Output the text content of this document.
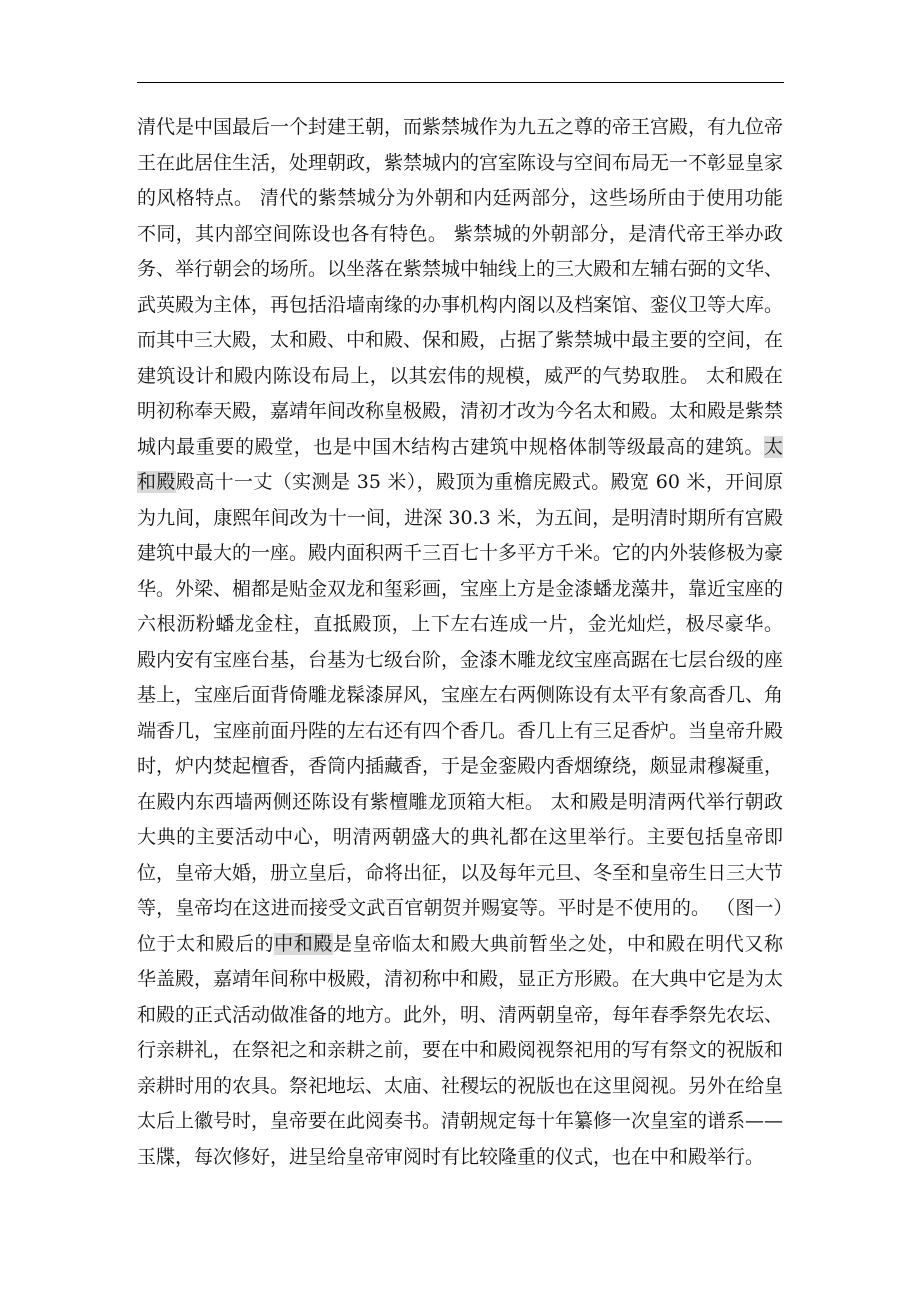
清代是中国最后一个封建王朝，而紫禁城作为九五之尊的帝王宫殿，有九位帝王在此居住生活，处理朝政，紫禁城内的宫室陈设与空间布局无一不彰显皇家的风格特点。 清代的紫禁城分为外朝和内廷两部分，这些场所由于使用功能不同，其内部空间陈设也各有特色。 紫禁城的外朝部分，是清代帝王举办政务、举行朝会的场所。以坐落在紫禁城中轴线上的三大殿和左辅右弼的文华、武英殿为主体，再包括沿墙南缘的办事机构内阁以及档案馆、銮仪卫等大库。而其中三大殿，太和殿、中和殿、保和殿，占据了紫禁城中最主要的空间，在建筑设计和殿内陈设布局上，以其宏伟的规模，威严的气势取胜。 太和殿在明初称奉天殿，嘉靖年间改称皇极殿，清初才改为今名太和殿。太和殿是紫禁城内最重要的殿堂，也是中国木结构古建筑中规格体制等级最高的建筑。太和殿殿高十一丈（实测是 35 米），殿顶为重檐庑殿式。殿宽 60 米，开间原为九间，康熙年间改为十一间，进深 30.3 米，为五间，是明清时期所有宫殿建筑中最大的一座。殿内面积两千三百七十多平方千米。它的内外装修极为豪华。外梁、楣都是贴金双龙和玺彩画，宝座上方是金漆蟠龙藻井，靠近宝座的六根沥粉蟠龙金柱，直抵殿顶，上下左右连成一片，金光灿烂，极尽豪华。 殿内安有宝座台基，台基为七级台阶，金漆木雕龙纹宝座高踞在七层台级的座基上，宝座后面背倚雕龙髹漆屏风，宝座左右两侧陈设有太平有象高香几、角端香几，宝座前面丹陛的左右还有四个香几。香几上有三足香炉。当皇帝升殿时，炉内焚起檀香，香筒内插藏香，于是金銮殿内香烟缭绕，颇显肃穆凝重，在殿内东西墙两侧还陈设有紫檀雕龙顶箱大柜。 太和殿是明清两代举行朝政大典的主要活动中心，明清两朝盛大的典礼都在这里举行。主要包括皇帝即位，皇帝大婚，册立皇后，命将出征，以及每年元旦、冬至和皇帝生日三大节等，皇帝均在这进而接受文武百官朝贺并赐宴等。平时是不使用的。 （图一）位于太和殿后的中和殿是皇帝临太和殿大典前暂坐之处，中和殿在明代又称华盖殿，嘉靖年间称中极殿，清初称中和殿，显正方形殿。在大典中它是为太和殿的正式活动做准备的地方。此外，明、清两朝皇帝，每年春季祭先农坛、行亲耕礼，在祭祀之和亲耕之前，要在中和殿阅视祭祀用的写有祭文的祝版和亲耕时用的农具。祭祀地坛、太庙、社稷坛的祝版也在这里阅视。另外在给皇太后上徽号时，皇帝要在此阅奏书。清朝规定每十年纂修一次皇室的谱系——玉牒，每次修好，进呈给皇帝审阅时有比较隆重的仪式，也在中和殿举行。
